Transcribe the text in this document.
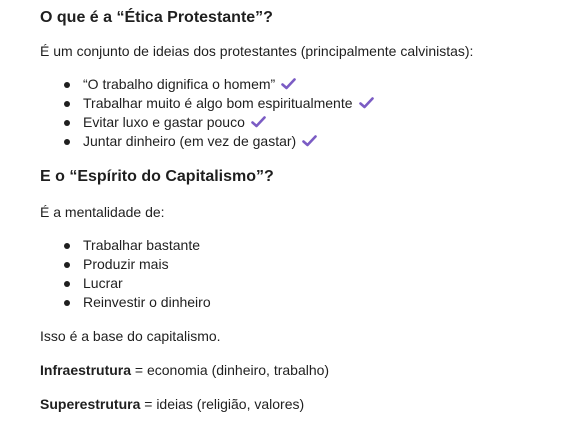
O que é a “Ética Protestante”?

É um conjunto de ideias dos protestantes (principalmente calvinistas):

“O trabalho dignifica o homem”
Trabalhar muito é algo bom espiritualmente
Evitar luxo e gastar pouco
Juntar dinheiro (em vez de gastar)
E o “Espírito do Capitalismo”?

É a mentalidade de:

Trabalhar bastante
Produzir mais
Lucrar
Reinvestir o dinheiro

Isso é a base do capitalismo.

Infraestrutura = economia (dinheiro, trabalho)

Superestrutura = ideias (religião, valores)
